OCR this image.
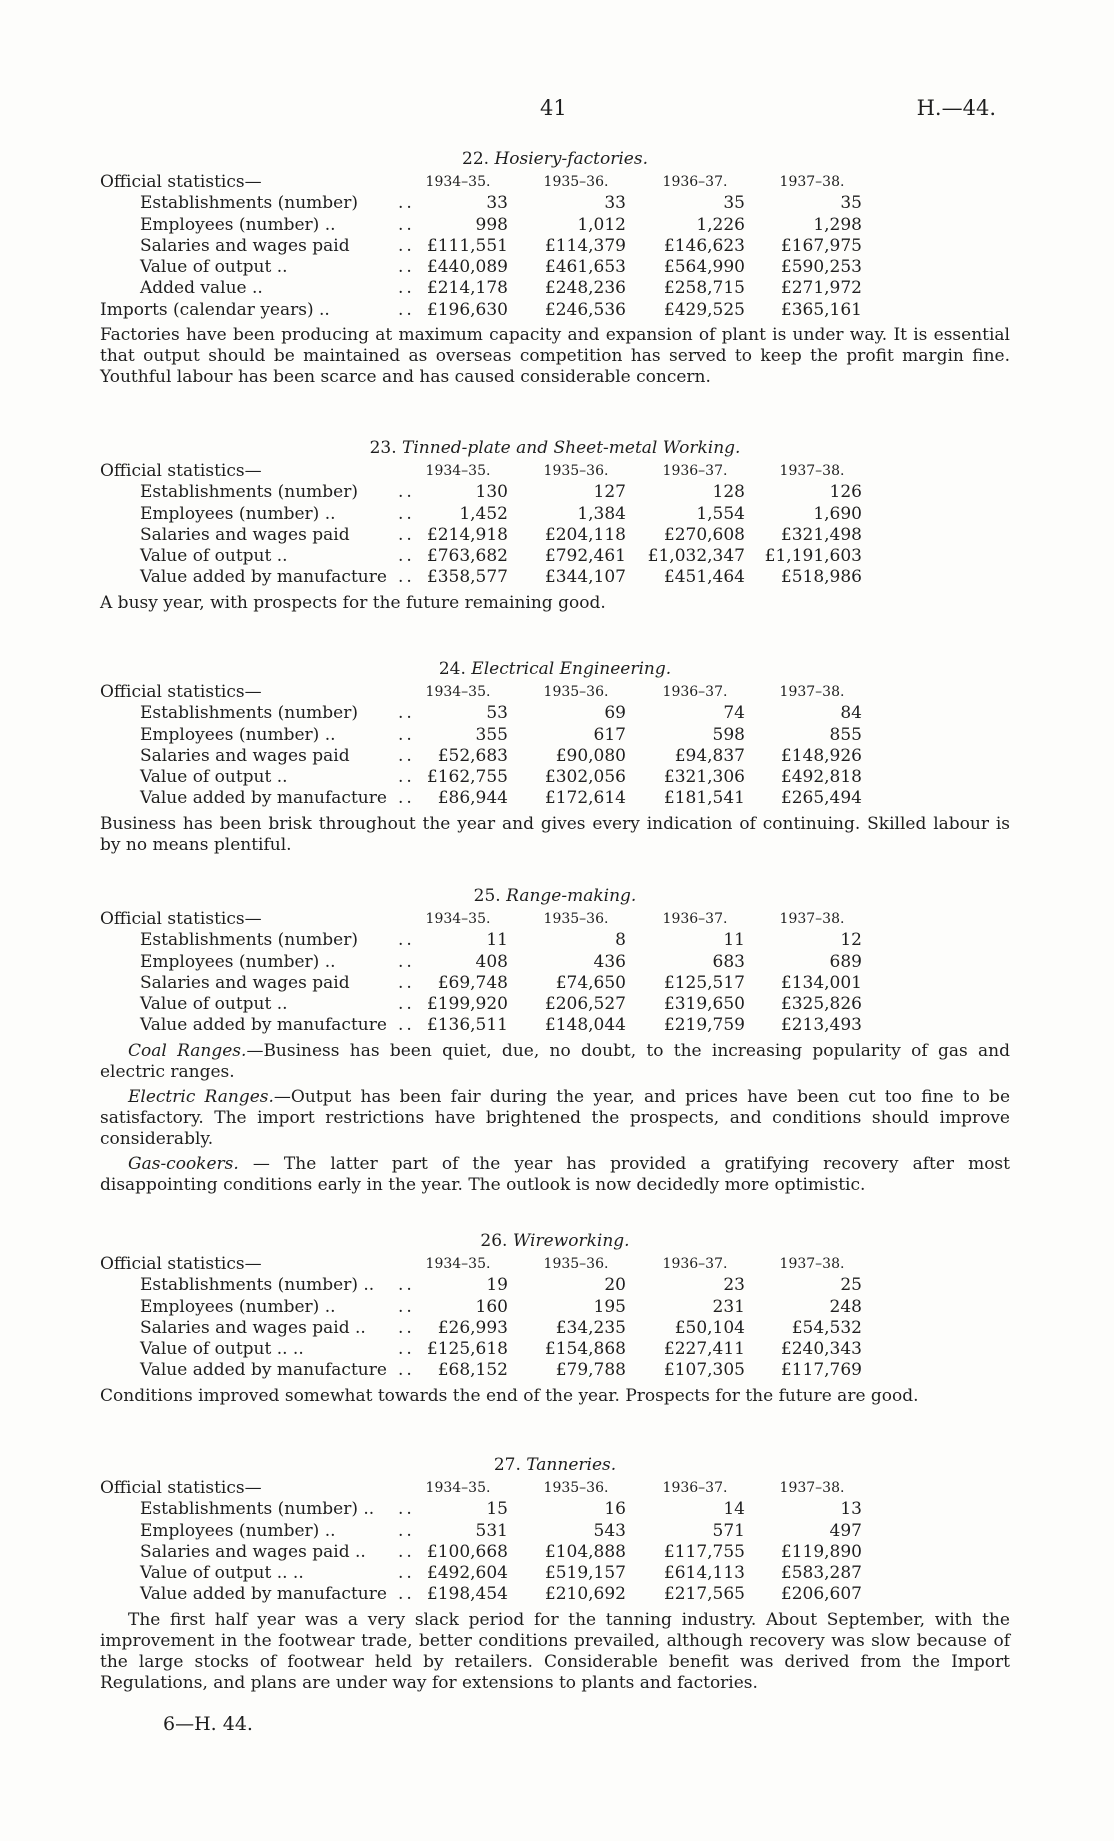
41	H.—44.
22. Hosiery-factories.
Official statistics—	1934–35.	1935–36.	1936–37.	1937–38.
Establishments (number) ..	33	33	35	35
Employees (number) ..	..	998	1,012	1,226	1,298
Salaries and wages paid	.. £111,551	£114,379	£146,623	£167,975
Value of output ..	.. £440,089	£461,653	£564,990	£590,253
Added value ..	.. £214,178	£248,236	£258,715	£271,972
Imports (calendar years) ..	.. £196,630	£246,536	£429,525	£365,161

Factories have been producing at maximum capacity and expansion of plant is under way. It is essential that output should be maintained as overseas competition has served to keep the profit margin fine. Youthful labour has been scarce and has caused considerable concern.

23. Tinned-plate and Sheet-metal Working.
Official statistics—	1934–35.	1935–36.	1936–37.	1937–38.
Establishments (number) ..	130	127	128	126
Employees (number) ..	..	1,452	1,384	1,554	1,690
Salaries and wages paid	.. £214,918	£204,118	£270,608	£321,498
Value of output ..	.. £763,682	£792,461	£1,032,347	£1,191,603
Value added by manufacture .. £358,577	£344,107	£451,464	£518,986

A busy year, with prospects for the future remaining good.

24. Electrical Engineering.
Official statistics—	1934–35.	1935–36.	1936–37.	1937–38.
Establishments (number) ..	53	69	74	84
Employees (number) ..	..	355	617	598	855
Salaries and wages paid	..	£52,683	£90,080	£94,837	£148,926
Value of output ..	.. £162,755	£302,056	£321,306	£492,818
Value added by manufacture ..	£86,944	£172,614	£181,541	£265,494

Business has been brisk throughout the year and gives every indication of continuing. Skilled labour is by no means plentiful.

25. Range-making.
Official statistics—	1934–35.	1935–36.	1936–37.	1937–38.
Establishments (number) ..	11	8	11	12
Employees (number) ..	..	408	436	683	689
Salaries and wages paid	..	£69,748	£74,650	£125,517	£134,001
Value of output ..	.. £199,920	£206,527	£319,650	£325,826
Value added by manufacture .. £136,511	£148,044	£219,759	£213,493

Coal Ranges.—Business has been quiet, due, no doubt, to the increasing popularity of gas and electric ranges.

Electric Ranges.—Output has been fair during the year, and prices have been cut too fine to be satisfactory. The import restrictions have brightened the prospects, and conditions should improve considerably.

Gas-cookers. — The latter part of the year has provided a gratifying recovery after most disappointing conditions early in the year. The outlook is now decidedly more optimistic.

26. Wireworking.
Official statistics—	1934–35.	1935–36.	1936–37.	1937–38.
Establishments (number) .. ..	19	20	23	25
Employees (number) ..	..	160	195	231	248
Salaries and wages paid .. ..	£26,993	£34,235	£50,104	£54,532
Value of output .. ..	.. £125,618	£154,868	£227,411	£240,343
Value added by manufacture ..	£68,152	£79,788	£107,305	£117,769

Conditions improved somewhat towards the end of the year. Prospects for the future are good.

27. Tanneries.
Official statistics—	1934–35.	1935–36.	1936–37.	1937–38.
Establishments (number) .. ..	15	16	14	13
Employees (number) ..	..	531	543	571	497
Salaries and wages paid .. .. £100,668	£104,888	£117,755	£119,890
Value of output .. ..	.. £492,604	£519,157	£614,113	£583,287
Value added by manufacture .. £198,454	£210,692	£217,565	£206,607

The first half year was a very slack period for the tanning industry. About September, with the improvement in the footwear trade, better conditions prevailed, although recovery was slow because of the large stocks of footwear held by retailers. Considerable benefit was derived from the Import Regulations, and plans are under way for extensions to plants and factories.

6—H. 44.
